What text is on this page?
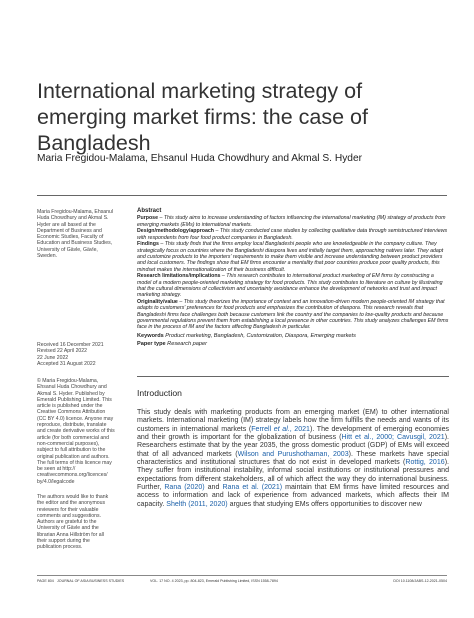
International marketing strategy of emerging market firms: the case of Bangladesh
Maria Fregidou-Malama, Ehsanul Huda Chowdhury and Akmal S. Hyder

Maria Fregidou-Malama, Ehsanul Huda Chowdhury and Akmal S. Hyder are all based at the Department of Business and Economic Studies, Faculty of Education and Business Studies, University of Gävle, Gävle, Sweden.

Received 16 December 2021

Revised 22 April 2022

22 June 2022

Accepted 31 August 2022

© Maria Fregidou-Malama, Ehsanul Huda Chowdhury and Akmal S. Hyder. Published by Emerald Publishing Limited. This article is published under the Creative Commons Attribution (CC BY 4.0) licence. Anyone may reproduce, distribute, translate and create derivative works of this article (for both commercial and non-commercial purposes), subject to full attribution to the original publication and authors. The full terms of this licence may be seen at http:// creativecommons.org/licences/ by/4.0/legalcode

The authors would like to thank the editor and the anonymous reviewers for their valuable comments and suggestions. Authors are grateful to the University of Gävle and the librarian Anna Hillström for all their support during the publication process.

Abstract

Purpose – This study aims to increase understanding of factors influencing the international marketing (IM) strategy of products from emerging markets (EMs) to international markets.

Design/methodology/approach – This study conducted case studies by collecting qualitative data through semistructured interviews with respondents from four food product companies in Bangladesh.

Findings – This study finds that the firms employ local Bangladeshi people who are knowledgeable in the company culture. They strategically focus on countries where the Bangladeshi diaspora lives and initially target them, approaching natives later. They adapt and customize products to the importers' requirements to make them visible and increase understanding between product providers and local customers. The findings show that EM firms encounter a mentality that poor countries produce poor quality products, this mindset makes the internationalization of their business difficult.

Research limitations/implications – This research contributes to international product marketing of EM firms by constructing a model of a modern people-oriented marketing strategy for food products. This study contributes to literature on culture by illustrating that the cultural dimensions of collectivism and uncertainty avoidance enhance the development of networks and trust and impact marketing strategy.

Originality/value – This study theorizes the importance of context and an innovation-driven modern people-oriented IM strategy that adapts to customers' preferences for food products and emphasizes the contribution of diaspora. This research reveals that Bangladeshi firms face challenges both because customers link the country and the companies to low-quality products and because governmental regulations prevent them from establishing a local presence in other countries. This study analyzes challenges EM firms face in the process of IM and the factors affecting Bangladesh in particular.

Keywords Product marketing, Bangladesh, Customization, Diaspora, Emerging markets

Paper type Research paper

Introduction

This study deals with marketing products from an emerging market (EM) to other international markets. International marketing (IM) strategy labels how the firm fulfills the needs and wants of its customers in international markets (Ferrell et al., 2021). The development of emerging economies and their growth is important for the globalization of business (Hitt et al., 2000; Cavusgil, 2021). Researchers estimate that by the year 2035, the gross domestic product (GDP) of EMs will exceed that of all advanced markets (Wilson and Purushothaman, 2003). These markets have special characteristics and institutional structures that do not exist in developed markets (Rottig, 2016). They suffer from institutional instability, informal social institutions or institutional pressures and expectations from different stakeholders, all of which affect the way they do international business. Further, Rana (2020) and Rana et al. (2021) maintain that EM firms have limited resources and access to information and lack of experience from advanced markets, which affects their IM capacity. Shelth (2011, 2020) argues that studying EMs offers opportunities to discover new

PAGE 804 JOURNAL OF ASIA BUSINESS STUDIES	VOL. 17 NO. 4 2023, pp. 804-823, Emerald Publishing Limited, ISSN 1558-7894	DOI 10.1108/JABS-12-2021-0504
